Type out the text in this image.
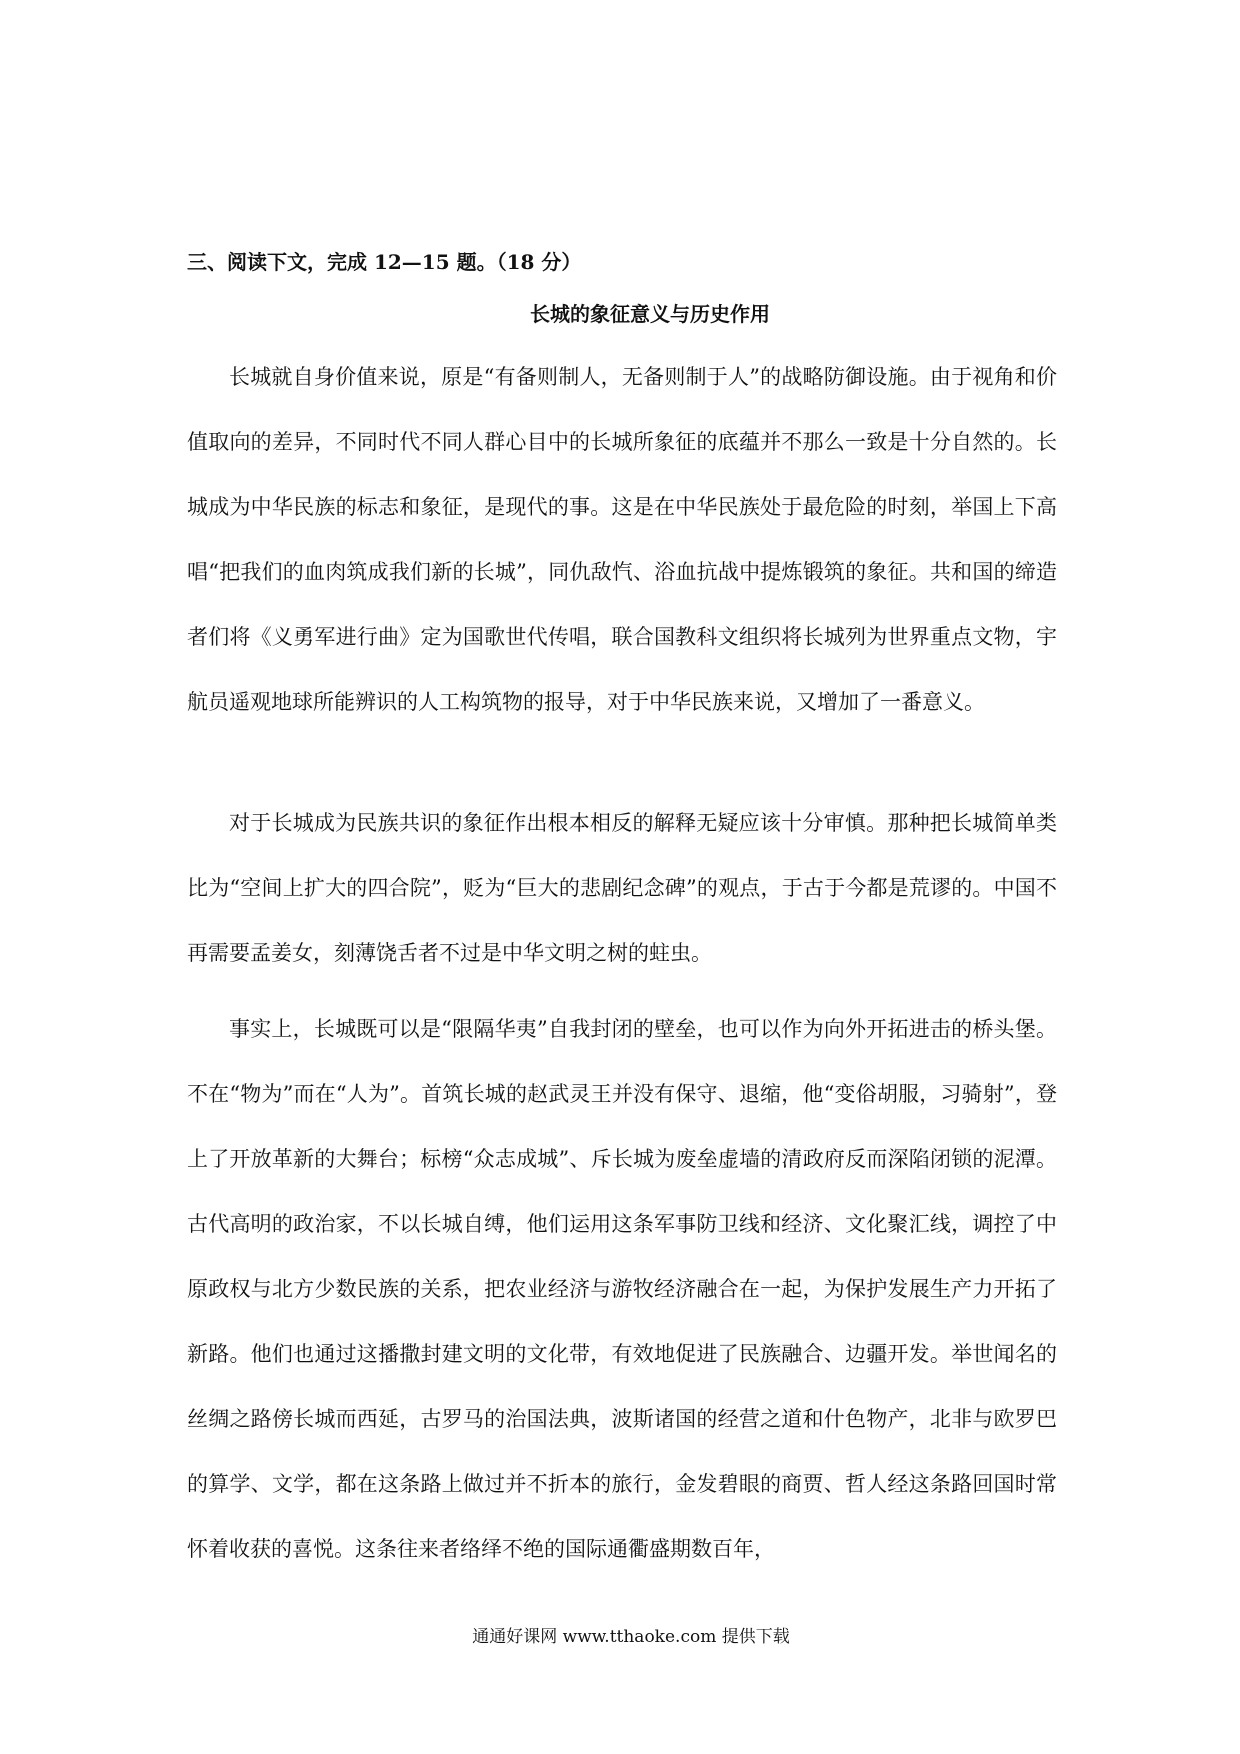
三、阅读下文，完成 12—15 题。（18 分）
长城的象征意义与历史作用

长城就自身价值来说，原是“有备则制人，无备则制于人”的战略防御设施。由于视角和价值取向的差异，不同时代不同人群心目中的长城所象征的底蕴并不那么一致是十分自然的。长城成为中华民族的标志和象征，是现代的事。这是在中华民族处于最危险的时刻，举国上下高唱“把我们的血肉筑成我们新的长城”，同仇敌忾、浴血抗战中提炼锻筑的象征。共和国的缔造者们将《义勇军进行曲》定为国歌世代传唱，联合国教科文组织将长城列为世界重点文物，宇航员遥观地球所能辨识的人工构筑物的报导，对于中华民族来说，又增加了一番意义。

对于长城成为民族共识的象征作出根本相反的解释无疑应该十分审慎。那种把长城简单类比为“空间上扩大的四合院”，贬为“巨大的悲剧纪念碑”的观点，于古于今都是荒谬的。中国不再需要孟姜女，刻薄饶舌者不过是中华文明之树的蛀虫。

事实上，长城既可以是“限隔华夷”自我封闭的壁垒，也可以作为向外开拓进击的桥头堡。不在“物为”而在“人为”。首筑长城的赵武灵王并没有保守、退缩，他“变俗胡服，习骑射”，登上了开放革新的大舞台；标榜“众志成城”、斥长城为废垒虚墙的清政府反而深陷闭锁的泥潭。古代高明的政治家，不以长城自缚，他们运用这条军事防卫线和经济、文化聚汇线，调控了中原政权与北方少数民族的关系，把农业经济与游牧经济融合在一起，为保护发展生产力开拓了新路。他们也通过这播撒封建文明的文化带，有效地促进了民族融合、边疆开发。举世闻名的丝绸之路傍长城而西延，古罗马的治国法典，波斯诸国的经营之道和什色物产，北非与欧罗巴的算学、文学，都在这条路上做过并不折本的旅行，金发碧眼的商贾、哲人经这条路回国时常怀着收获的喜悦。这条往来者络绎不绝的国际通衢盛期数百年，

通通好课网 www.tthaoke.com 提供下载
